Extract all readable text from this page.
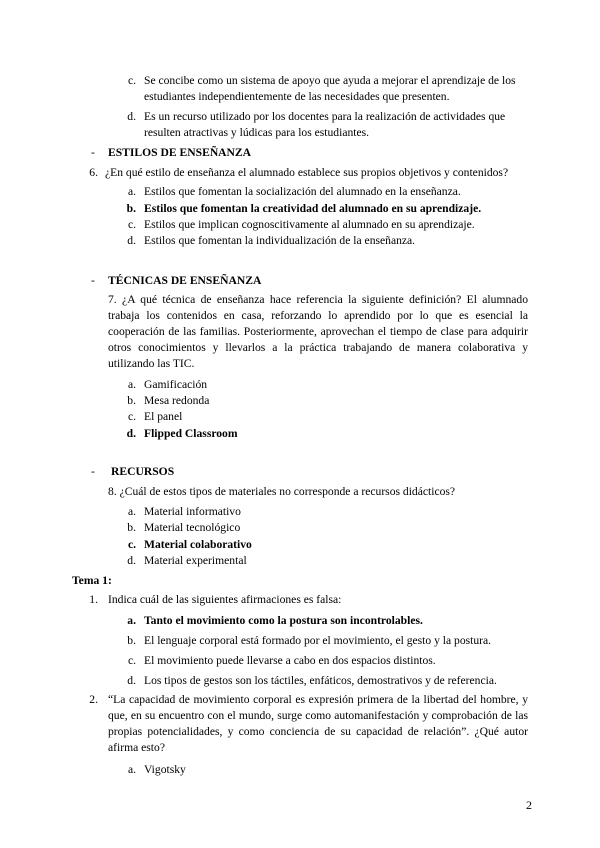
c. Se concibe como un sistema de apoyo que ayuda a mejorar el aprendizaje de los estudiantes independientemente de las necesidades que presenten.
d. Es un recurso utilizado por los docentes para la realización de actividades que resulten atractivas y lúdicas para los estudiantes.
- ESTILOS DE ENSEÑANZA
6. ¿En qué estilo de enseñanza el alumnado establece sus propios objetivos y contenidos?
a. Estilos que fomentan la socialización del alumnado en la enseñanza.
b. Estilos que fomentan la creatividad del alumnado en su aprendizaje.
c. Estilos que implican cognoscitivamente al alumnado en su aprendizaje.
d. Estilos que fomentan la individualización de la enseñanza.
- TÉCNICAS DE ENSEÑANZA
7. ¿A qué técnica de enseñanza hace referencia la siguiente definición? El alumnado trabaja los contenidos en casa, reforzando lo aprendido por lo que es esencial la cooperación de las familias. Posteriormente, aprovechan el tiempo de clase para adquirir otros conocimientos y llevarlos a la práctica trabajando de manera colaborativa y utilizando las TIC.
a. Gamificación
b. Mesa redonda
c. El panel
d. Flipped Classroom
- RECURSOS
8. ¿Cuál de estos tipos de materiales no corresponde a recursos didácticos?
a. Material informativo
b. Material tecnológico
c. Material colaborativo
d. Material experimental
Tema 1:
1. Indica cuál de las siguientes afirmaciones es falsa:
a. Tanto el movimiento como la postura son incontrolables.
b. El lenguaje corporal está formado por el movimiento, el gesto y la postura.
c. El movimiento puede llevarse a cabo en dos espacios distintos.
d. Los tipos de gestos son los táctiles, enfáticos, demostrativos y de referencia.
2. “La capacidad de movimiento corporal es expresión primera de la libertad del hombre, y que, en su encuentro con el mundo, surge como automanifestación y comprobación de las propias potencialidades, y como conciencia de su capacidad de relación”. ¿Qué autor afirma esto?
a. Vigotsky
2
